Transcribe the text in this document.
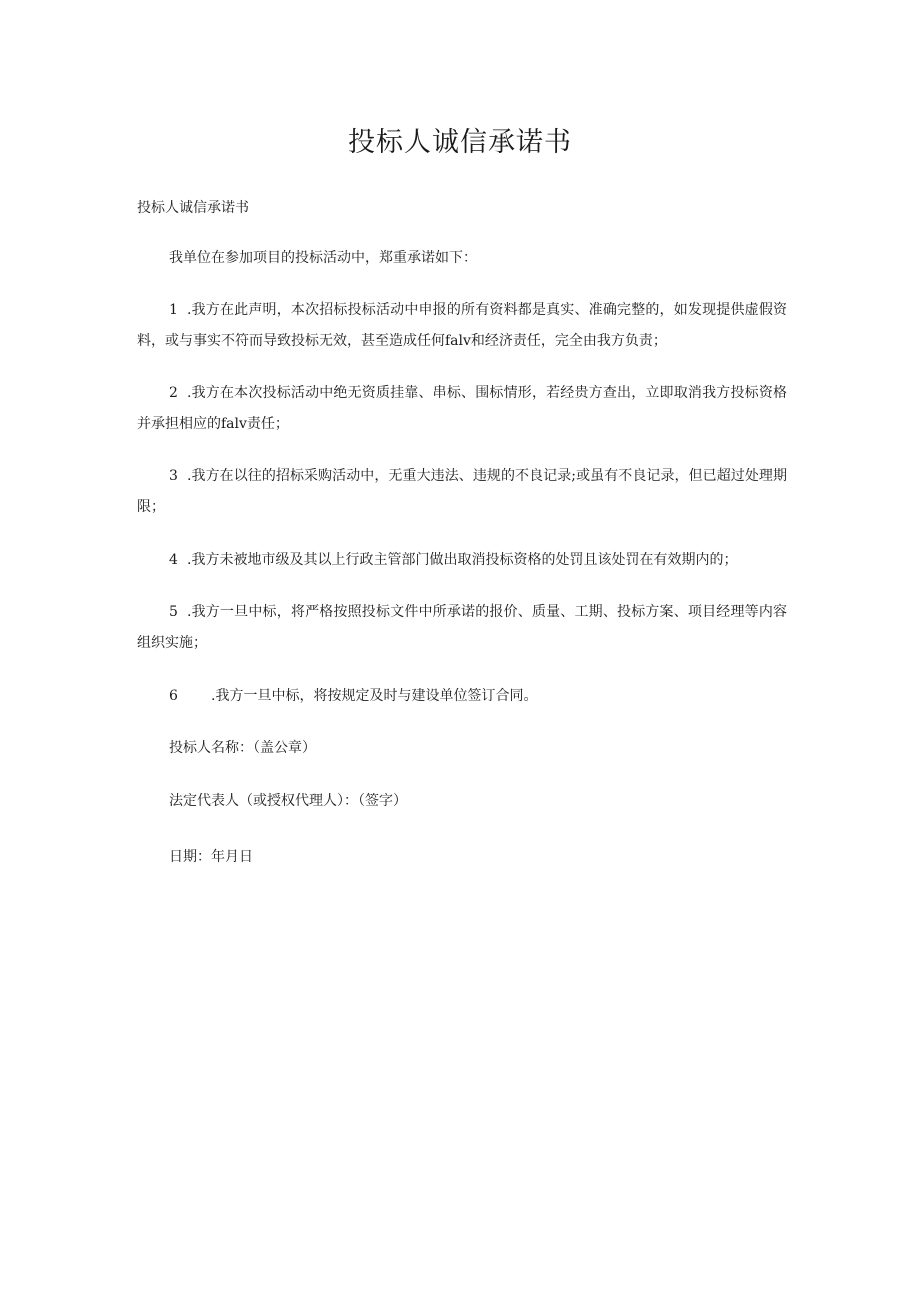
投标人诚信承诺书
投标人诚信承诺书
我单位在参加项目的投标活动中，郑重承诺如下：
1 .我方在此声明，本次招标投标活动中申报的所有资料都是真实、准确完整的，如发现提供虚假资
料，或与事实不符而导致投标无效，甚至造成任何falv和经济责任，完全由我方负责；
2 .我方在本次投标活动中绝无资质挂靠、串标、围标情形，若经贵方查出，立即取消我方投标资格
并承担相应的falv责任；
3 .我方在以往的招标采购活动中，无重大违法、违规的不良记录;或虽有不良记录，但已超过处理期
限；
4 .我方未被地市级及其以上行政主管部门做出取消投标资格的处罚且该处罚在有效期内的；
5 .我方一旦中标，将严格按照投标文件中所承诺的报价、质量、工期、投标方案、项目经理等内容
组织实施；
6 .我方一旦中标，将按规定及时与建设单位签订合同。
投标人名称：（盖公章）
法定代表人（或授权代理人）：（签字）
日期：年月日
